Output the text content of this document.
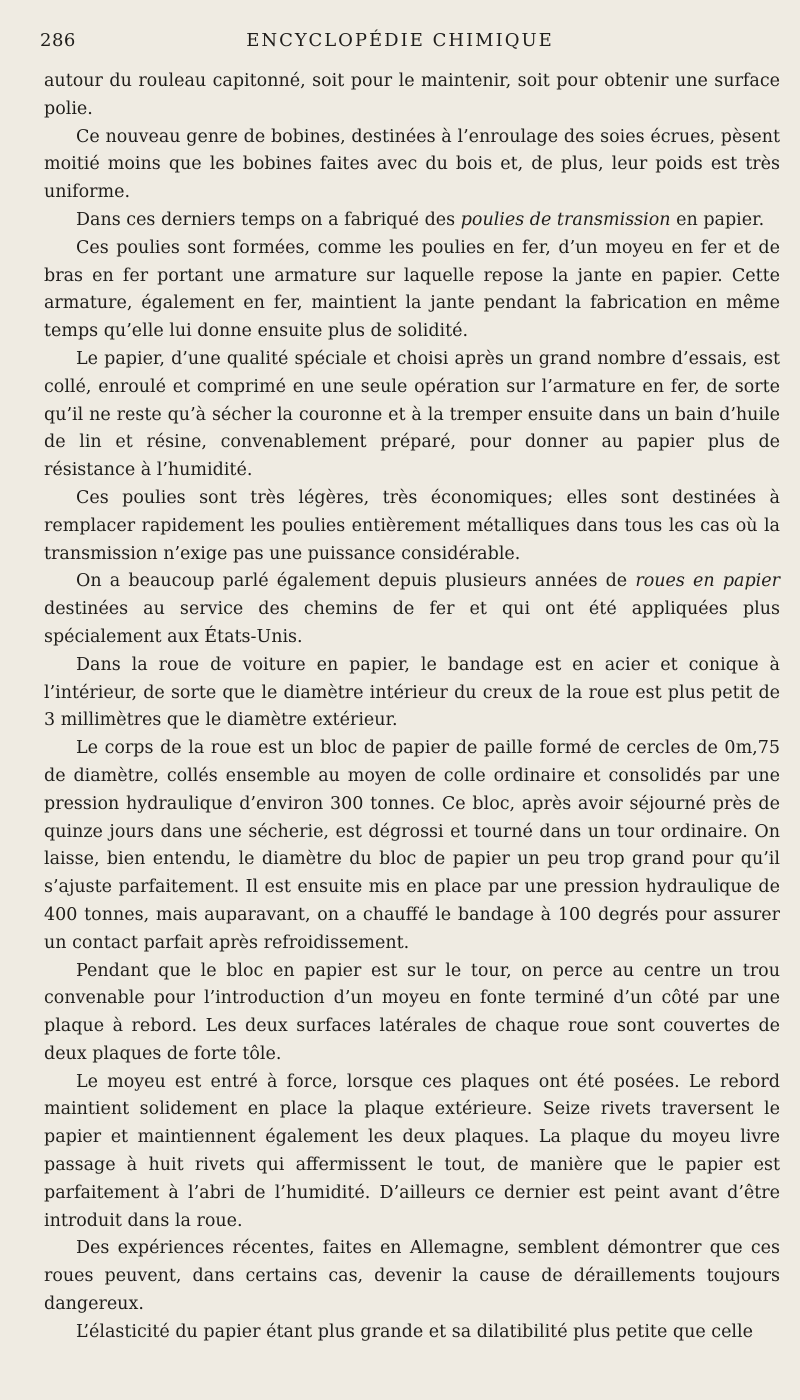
286	ENCYCLOPÉDIE CHIMIQUE

autour du rouleau capitonné, soit pour le maintenir, soit pour obtenir une surface polie.

Ce nouveau genre de bobines, destinées à l’enroulage des soies écrues, pèsent moitié moins que les bobines faites avec du bois et, de plus, leur poids est très uniforme.

Dans ces derniers temps on a fabriqué des poulies de transmission en papier.

Ces poulies sont formées, comme les poulies en fer, d’un moyeu en fer et de bras en fer portant une armature sur laquelle repose la jante en papier. Cette armature, également en fer, maintient la jante pendant la fabrication en même temps qu’elle lui donne ensuite plus de solidité.

Le papier, d’une qualité spéciale et choisi après un grand nombre d’essais, est collé, enroulé et comprimé en une seule opération sur l’armature en fer, de sorte qu’il ne reste qu’à sécher la couronne et à la tremper ensuite dans un bain d’huile de lin et résine, convenablement préparé, pour donner au papier plus de résistance à l’humidité.

Ces poulies sont très légères, très économiques; elles sont destinées à remplacer rapidement les poulies entièrement métalliques dans tous les cas où la transmission n’exige pas une puissance considérable.

On a beaucoup parlé également depuis plusieurs années de roues en papier destinées au service des chemins de fer et qui ont été appliquées plus spécialement aux États-Unis.

Dans la roue de voiture en papier, le bandage est en acier et conique à l’intérieur, de sorte que le diamètre intérieur du creux de la roue est plus petit de 3 millimètres que le diamètre extérieur.

Le corps de la roue est un bloc de papier de paille formé de cercles de 0m,75 de diamètre, collés ensemble au moyen de colle ordinaire et consolidés par une pression hydraulique d’environ 300 tonnes. Ce bloc, après avoir séjourné près de quinze jours dans une sécherie, est dégrossi et tourné dans un tour ordinaire. On laisse, bien entendu, le diamètre du bloc de papier un peu trop grand pour qu’il s’ajuste parfaitement. Il est ensuite mis en place par une pression hydraulique de 400 tonnes, mais auparavant, on a chauffé le bandage à 100 degrés pour assurer un contact parfait après refroidissement.

Pendant que le bloc en papier est sur le tour, on perce au centre un trou convenable pour l’introduction d’un moyeu en fonte terminé d’un côté par une plaque à rebord. Les deux surfaces latérales de chaque roue sont couvertes de deux plaques de forte tôle.

Le moyeu est entré à force, lorsque ces plaques ont été posées. Le rebord maintient solidement en place la plaque extérieure. Seize rivets traversent le papier et maintiennent également les deux plaques. La plaque du moyeu livre passage à huit rivets qui affermissent le tout, de manière que le papier est parfaitement à l’abri de l’humidité. D’ailleurs ce dernier est peint avant d’être introduit dans la roue.

Des expériences récentes, faites en Allemagne, semblent démontrer que ces roues peuvent, dans certains cas, devenir la cause de déraillements toujours dangereux.

L’élasticité du papier étant plus grande et sa dilatibilité plus petite que celle
